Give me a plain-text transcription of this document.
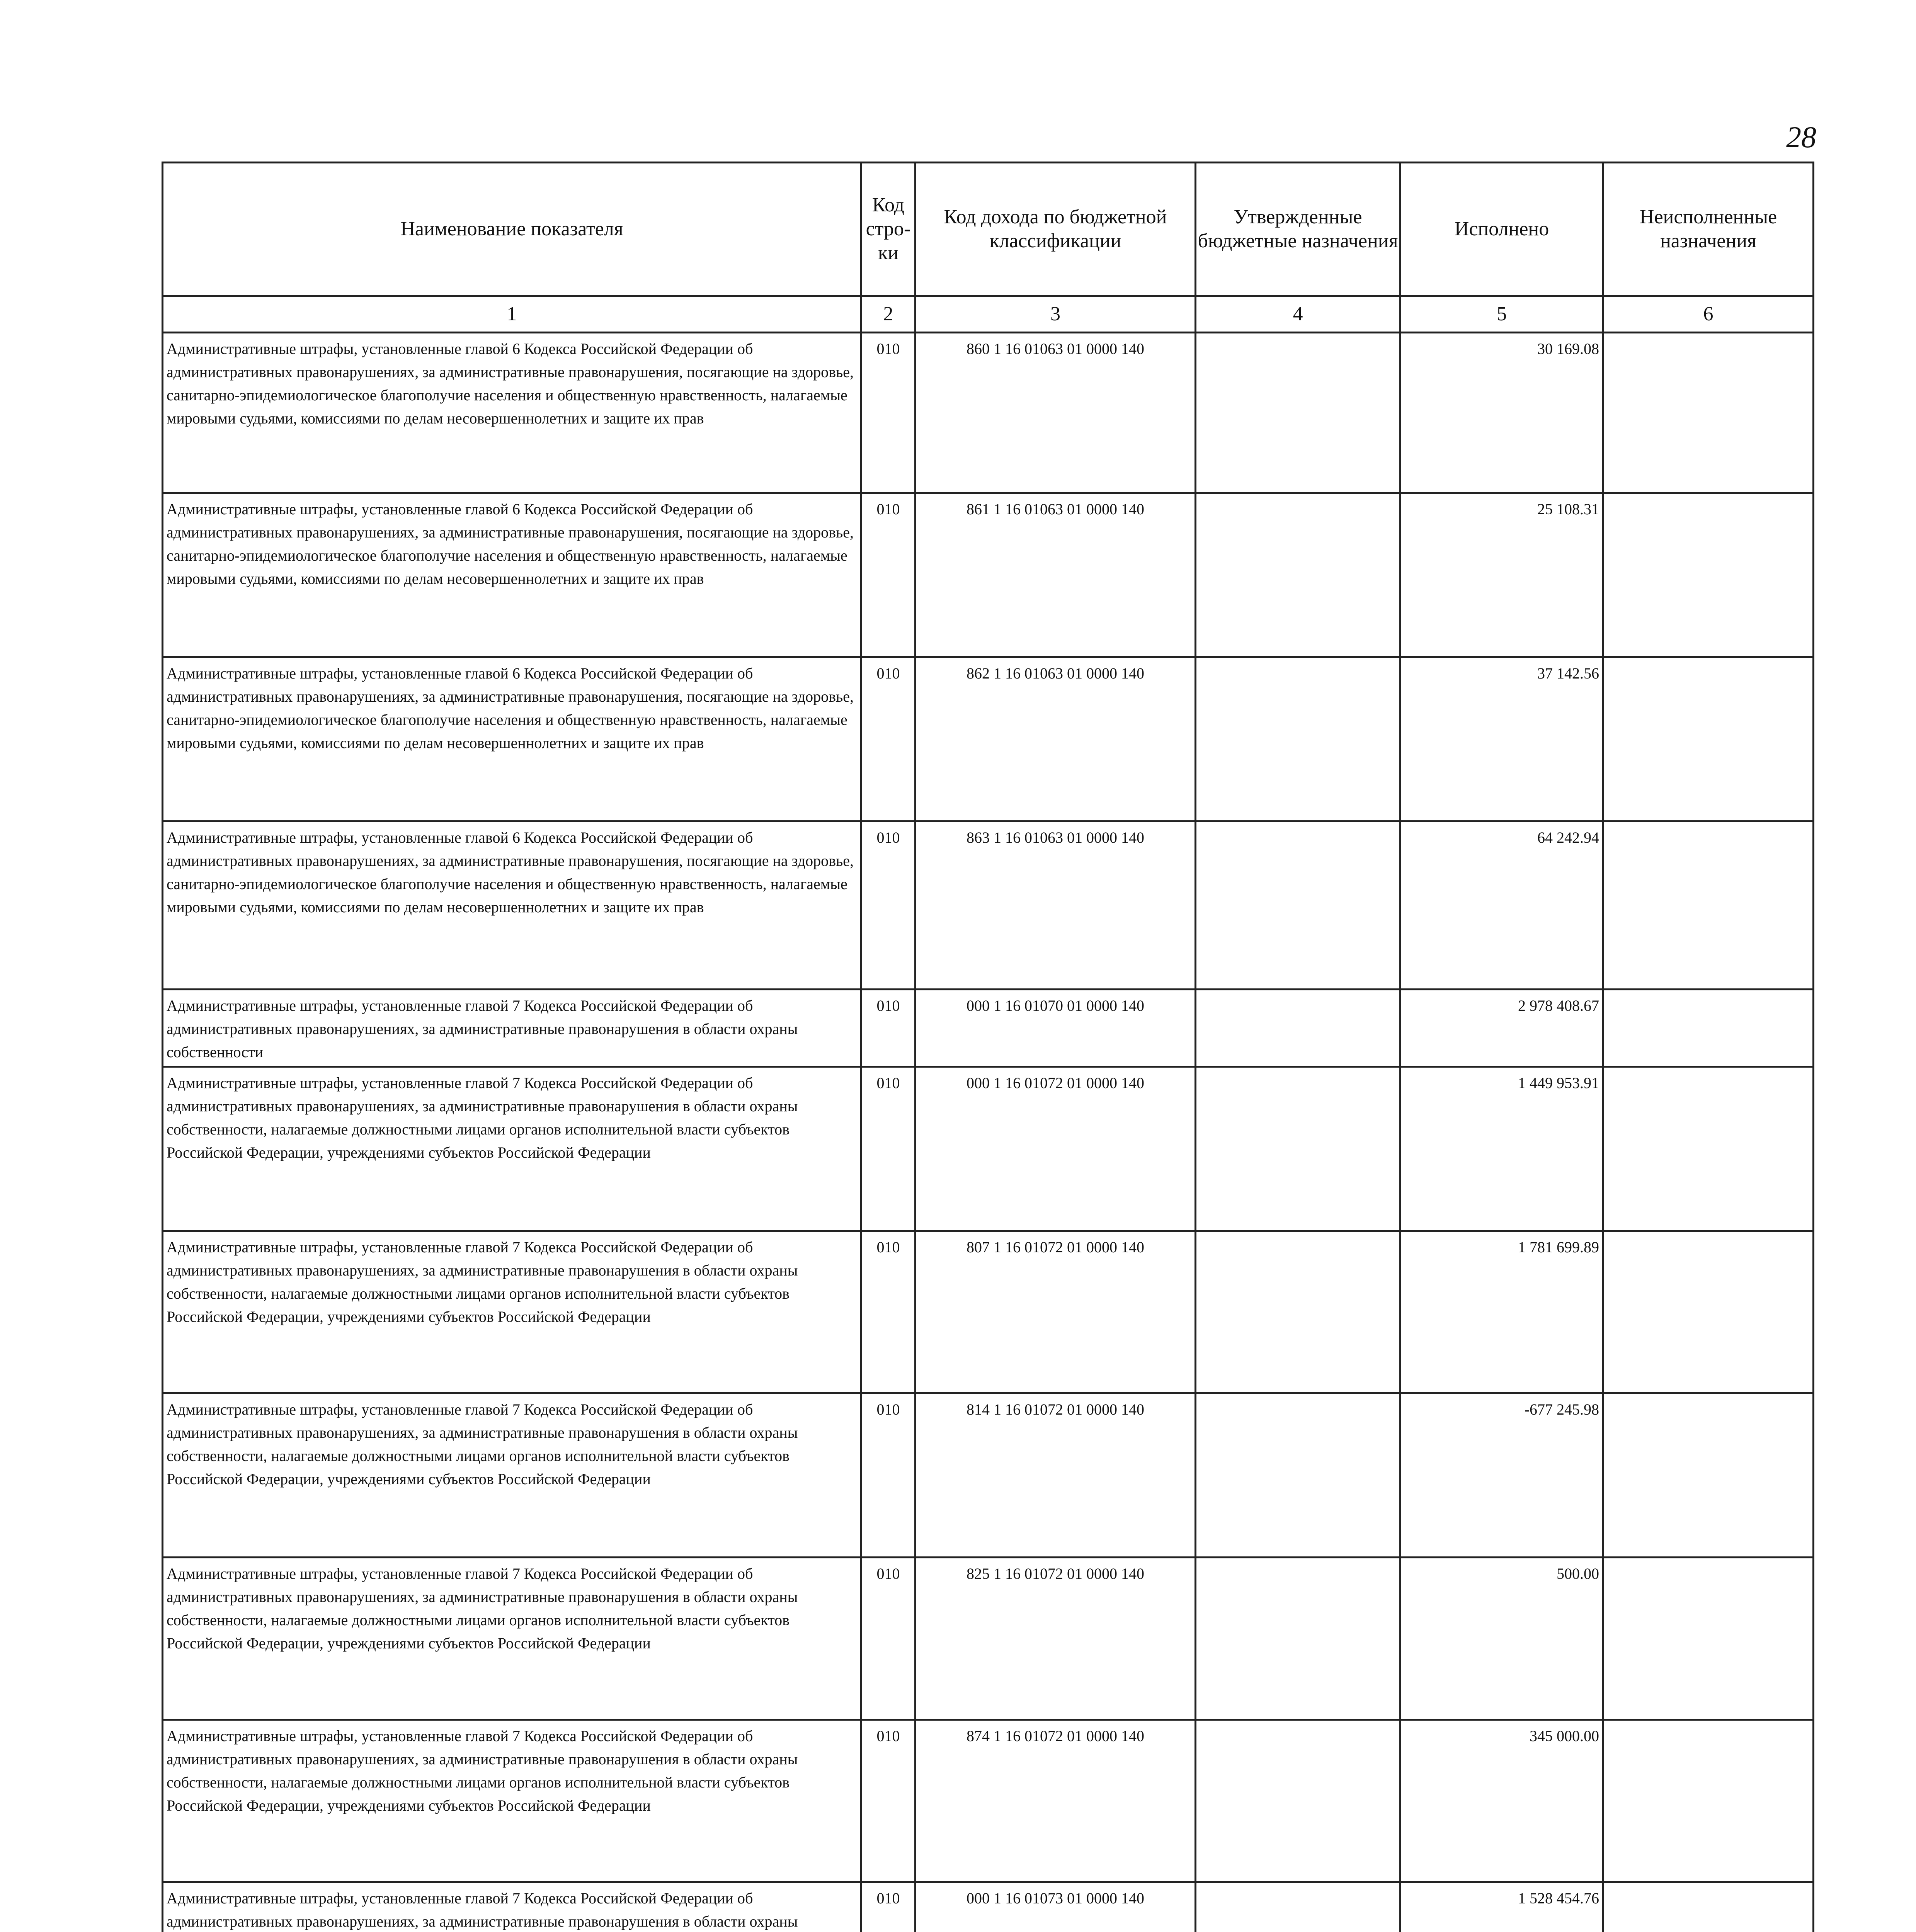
28
Наименование показателя	Код стро-ки	Код дохода по бюджетной классификации	Утвержденные бюджетные назначения	Исполнено	Неисполненные назначения
1	2	3	4	5	6
Административные штрафы, установленные главой 6 Кодекса Российской Федерации об административных правонарушениях, за административные правонарушения, посягающие на здоровье, санитарно-эпидемиологическое благополучие населения и общественную нравственность, налагаемые мировыми судьями, комиссиями по делам несовершеннолетних и защите их прав	010	860 1 16 01063 01 0000 140		30 169.08	
Административные штрафы, установленные главой 6 Кодекса Российской Федерации об административных правонарушениях, за административные правонарушения, посягающие на здоровье, санитарно-эпидемиологическое благополучие населения и общественную нравственность, налагаемые мировыми судьями, комиссиями по делам несовершеннолетних и защите их прав	010	861 1 16 01063 01 0000 140		25 108.31	
Административные штрафы, установленные главой 6 Кодекса Российской Федерации об административных правонарушениях, за административные правонарушения, посягающие на здоровье, санитарно-эпидемиологическое благополучие населения и общественную нравственность, налагаемые мировыми судьями, комиссиями по делам несовершеннолетних и защите их прав	010	862 1 16 01063 01 0000 140		37 142.56	
Административные штрафы, установленные главой 6 Кодекса Российской Федерации об административных правонарушениях, за административные правонарушения, посягающие на здоровье, санитарно-эпидемиологическое благополучие населения и общественную нравственность, налагаемые мировыми судьями, комиссиями по делам несовершеннолетних и защите их прав	010	863 1 16 01063 01 0000 140		64 242.94	
Административные штрафы, установленные главой 7 Кодекса Российской Федерации об административных правонарушениях, за административные правонарушения в области охраны собственности	010	000 1 16 01070 01 0000 140		2 978 408.67	
Административные штрафы, установленные главой 7 Кодекса Российской Федерации об административных правонарушениях, за административные правонарушения в области охраны собственности, налагаемые должностными лицами органов исполнительной власти субъектов Российской Федерации, учреждениями субъектов Российской Федерации	010	000 1 16 01072 01 0000 140		1 449 953.91	
Административные штрафы, установленные главой 7 Кодекса Российской Федерации об административных правонарушениях, за административные правонарушения в области охраны собственности, налагаемые должностными лицами органов исполнительной власти субъектов Российской Федерации, учреждениями субъектов Российской Федерации	010	807 1 16 01072 01 0000 140		1 781 699.89	
Административные штрафы, установленные главой 7 Кодекса Российской Федерации об административных правонарушениях, за административные правонарушения в области охраны собственности, налагаемые должностными лицами органов исполнительной власти субъектов Российской Федерации, учреждениями субъектов Российской Федерации	010	814 1 16 01072 01 0000 140		-677 245.98	
Административные штрафы, установленные главой 7 Кодекса Российской Федерации об административных правонарушениях, за административные правонарушения в области охраны собственности, налагаемые должностными лицами органов исполнительной власти субъектов Российской Федерации, учреждениями субъектов Российской Федерации	010	825 1 16 01072 01 0000 140		500.00	
Административные штрафы, установленные главой 7 Кодекса Российской Федерации об административных правонарушениях, за административные правонарушения в области охраны собственности, налагаемые должностными лицами органов исполнительной власти субъектов Российской Федерации, учреждениями субъектов Российской Федерации	010	874 1 16 01072 01 0000 140		345 000.00	
Административные штрафы, установленные главой 7 Кодекса Российской Федерации об административных правонарушениях, за административные правонарушения в области охраны	010	000 1 16 01073 01 0000 140		1 528 454.76	
